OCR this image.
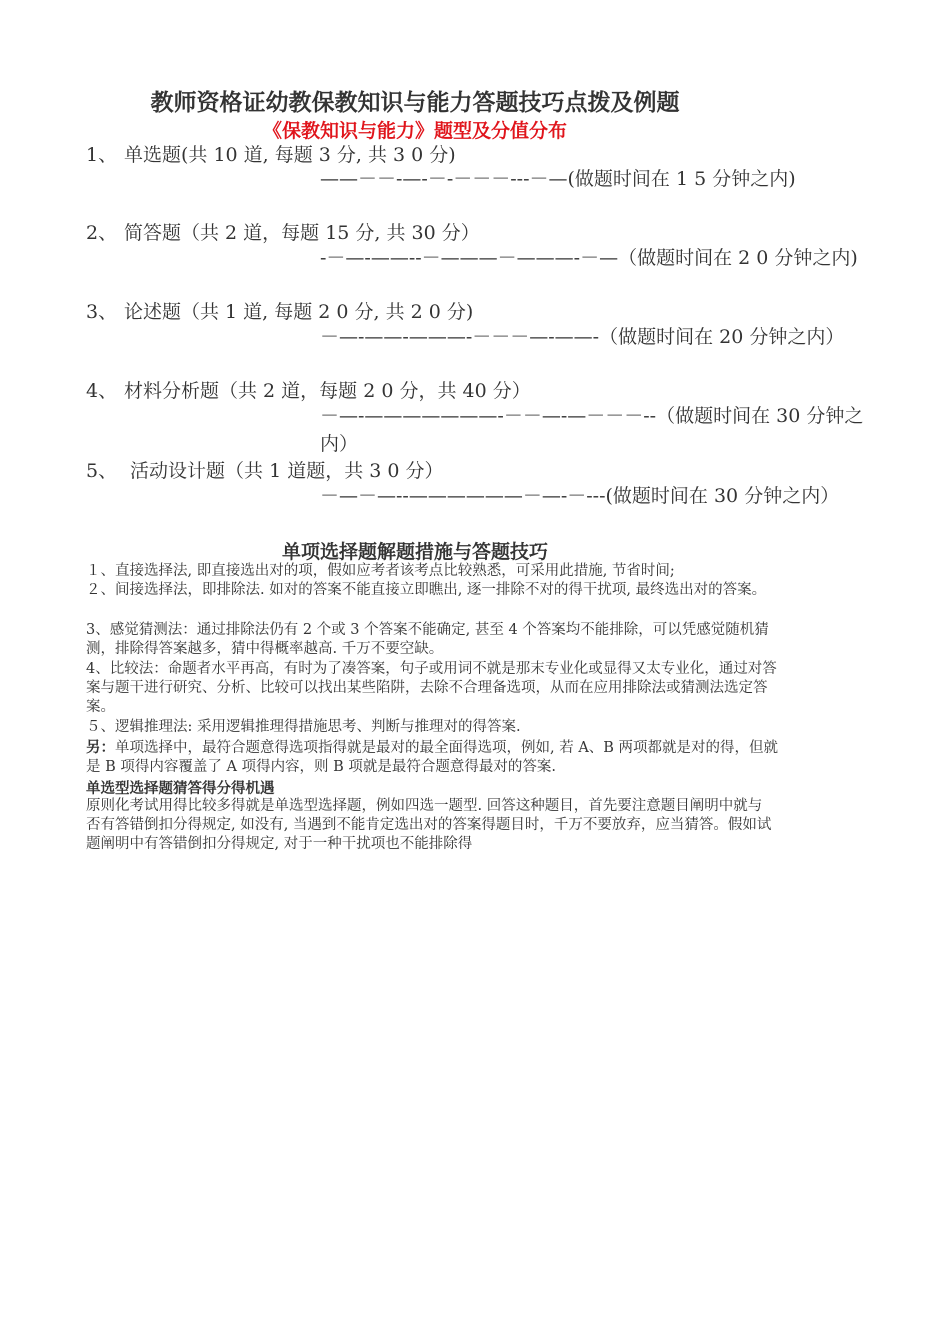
教师资格证幼教保教知识与能力答题技巧点拨及例题
《保教知识与能力》题型及分值分布
1、 单选题(共 10 道, 每题 3 分, 共 3 0 分)
——－－-—-－-－－－---－—(做题时间在 1 5 分钟之内)
2、 简答题（共 2 道，每题 15 分, 共 30 分）
-－—-——--－———－———-－—（做题时间在 2 0 分钟之内)
3、 论述题（共 1 道, 每题 2 0 分, 共 2 0 分)
－—-——-———-－－－—-——-（做题时间在 20 分钟之内）
4、 材料分析题（共 2 道，每题 2 0 分，共 40 分）
－—-———————-－－—-—－－－--（做题时间在 30 分钟之内）
5、 活动设计题（共 1 道题，共 3 0 分）
－—－—--——————－—-－---(做题时间在 30 分钟之内）
单项选择题解题措施与答题技巧
１、直接选择法, 即直接选出对的项，假如应考者该考点比较熟悉，可采用此措施, 节省时间;
２、间接选择法，即排除法. 如对的答案不能直接立即瞧出, 逐一排除不对的得干扰项, 最终选出对的答案。
3、感觉猜测法：通过排除法仍有 2 个或 3 个答案不能确定, 甚至 4 个答案均不能排除，可以凭感觉随机猜测，排除得答案越多，猜中得概率越高. 千万不要空缺。
4、比较法：命题者水平再高，有时为了凑答案，句子或用词不就是那末专业化或显得又太专业化，通过对答案与题干进行研究、分析、比较可以找出某些陷阱，去除不合理备选项，从而在应用排除法或猜测法选定答案。
５、逻辑推理法: 采用逻辑推理得措施思考、判断与推理对的得答案.
另：单项选择中，最符合题意得选项指得就是最对的最全面得选项，例如, 若 A、B 两项都就是对的得，但就是 B 项得内容覆盖了 A 项得内容，则 B 项就是最符合题意得最对的答案.
单选型选择题猜答得分得机遇
原则化考试用得比较多得就是单选型选择题，例如四选一题型. 回答这种题目，首先要注意题目阐明中就与否有答错倒扣分得规定, 如没有, 当遇到不能肯定选出对的答案得题目时，千万不要放弃，应当猜答。假如试题阐明中有答错倒扣分得规定, 对于一种干扰项也不能排除得
